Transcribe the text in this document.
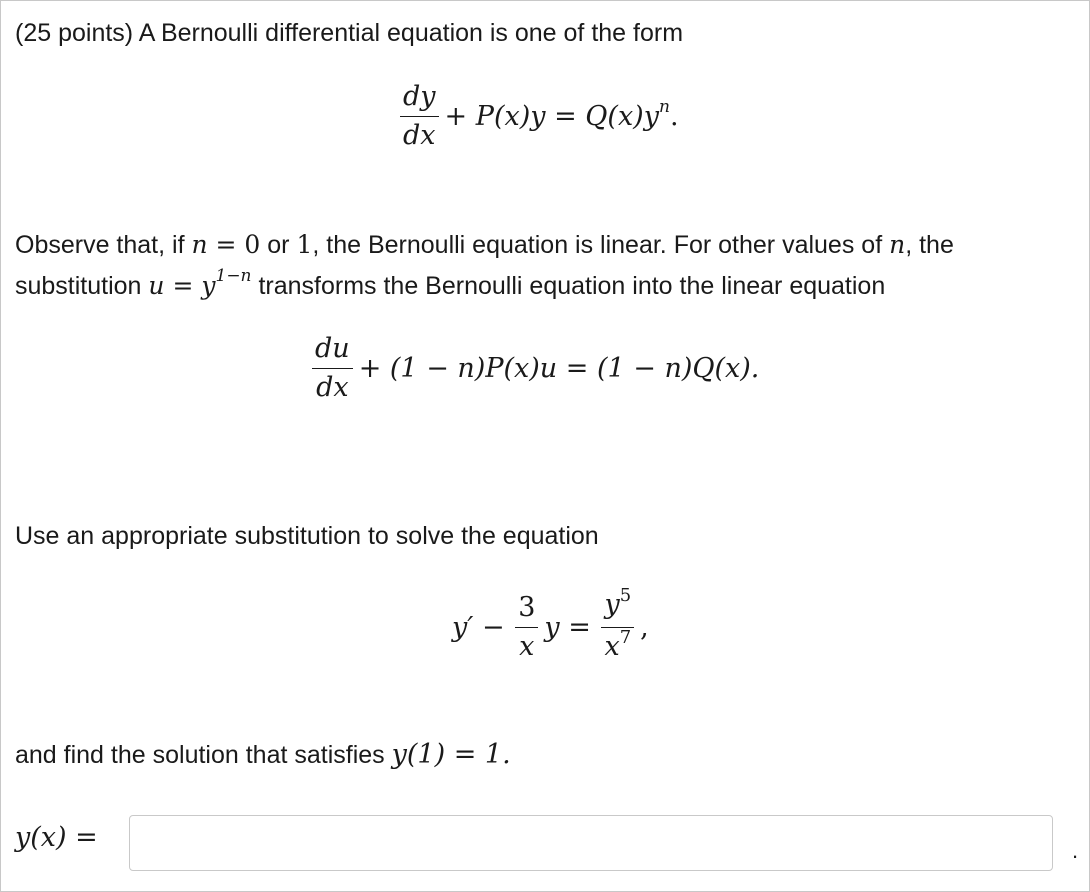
(25 points) A Bernoulli differential equation is one of the form
$\frac{dy}{dx} + P(x)y = Q(x)y^n$.
Observe that, if n = 0 or 1, the Bernoulli equation is linear. For other values of n, the
substitution $u = y^{1-n}$ transforms the Bernoulli equation into the linear equation
$\frac{du}{dx} + (1 - n)P(x)u = (1 - n)Q(x)$.
Use an appropriate substitution to solve the equation
$y' - \frac{3}{x}$ $y = \frac{y^5}{x^7}$ ,
and find the solution that satisfies y(1) = 1.
y(x) =	.
